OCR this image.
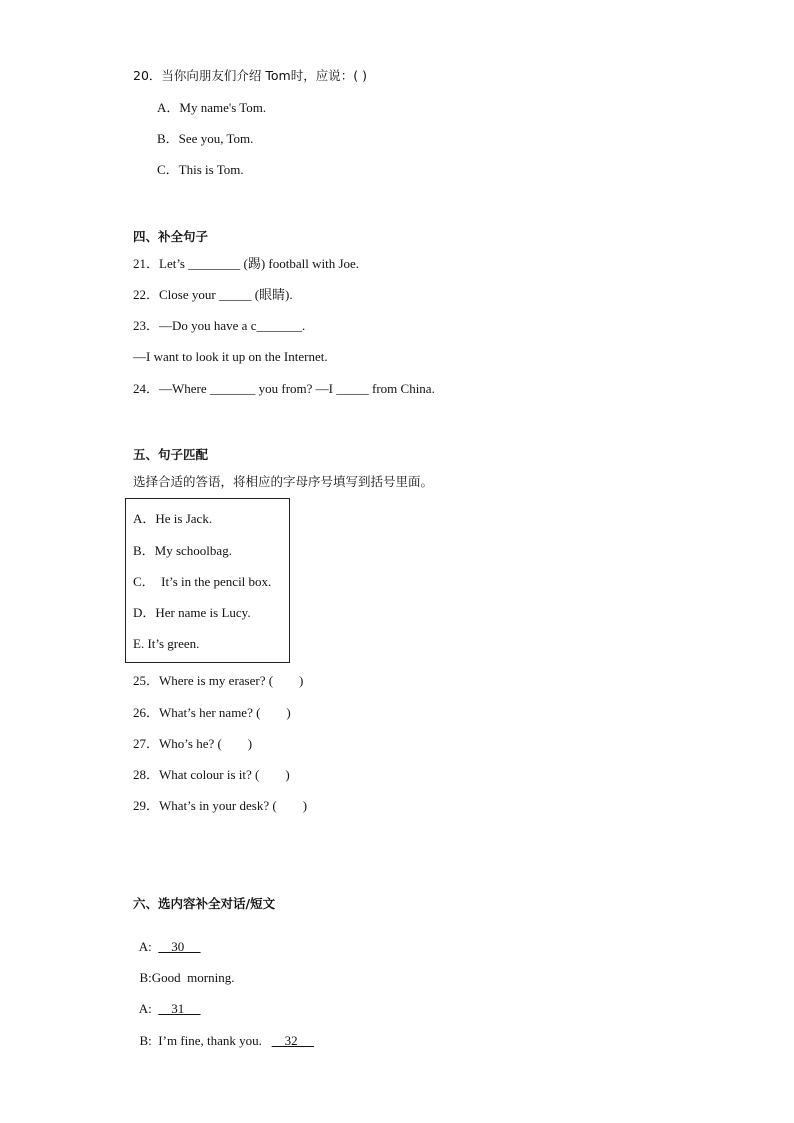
20．当你向朋友们介绍 Tom时，应说：( )
A．My name's Tom.
B．See you, Tom.
C．This is Tom.
四、补全句子
21．Let’s ________ (踢) football with Joe.
22．Close your _____ (眼睛).
23．—Do you have a c_______.
—I want to look it up on the Internet.
24．—Where _______ you from? —I _____ from China.
五、句子匹配
选择合适的答语，将相应的字母序号填写到括号里面。
A．He is Jack.
B．My schoolbag.
C．  It’s in the pencil box.
D．Her name is Lucy.
E. It’s green.
25．Where is my eraser? (        )
26．What’s her name? (        )
27．Who’s he? (        )
28．What colour is it? (        )
29．What’s in your desk? (        )
六、选内容补全对话/短文

A:      30

B:Good  morning.

A:      31

B:  I’m fine, thank you.       32
